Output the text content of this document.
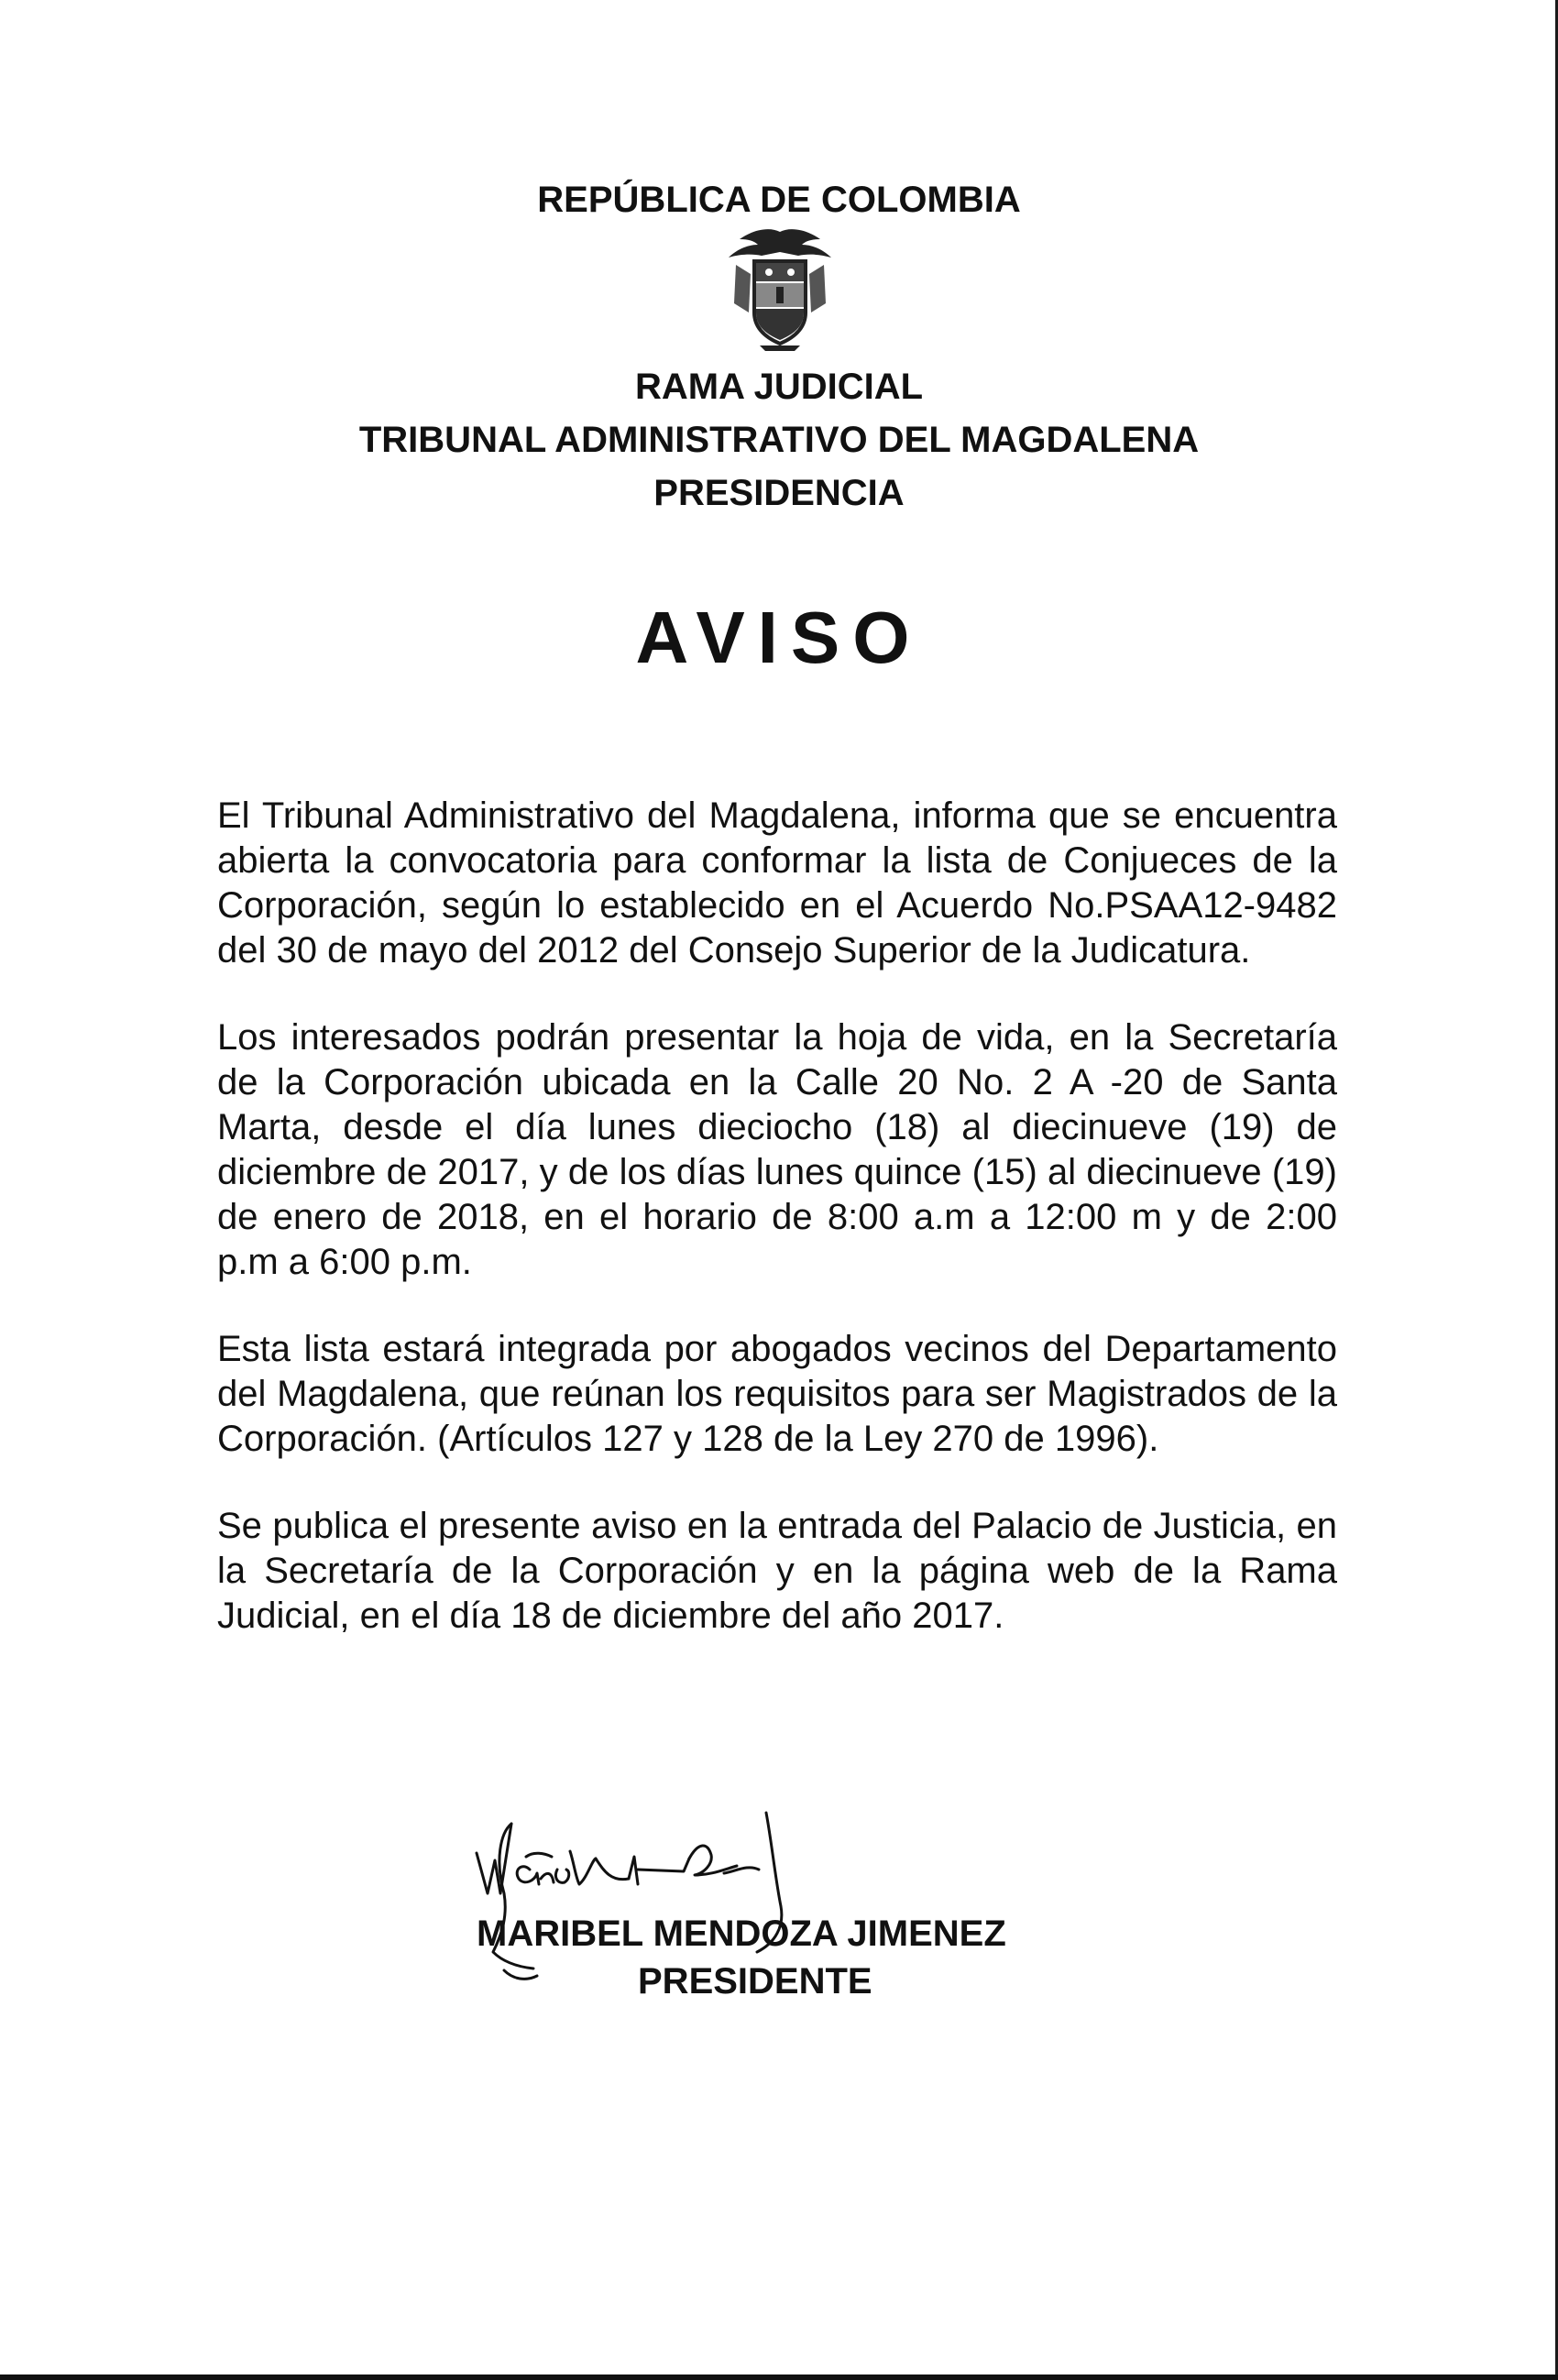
REPÚBLICA DE COLOMBIA
RAMA JUDICIAL
TRIBUNAL ADMINISTRATIVO DEL MAGDALENA
PRESIDENCIA
AVISO

El Tribunal Administrativo del Magdalena, informa que se encuentra abierta la convocatoria para conformar la lista de Conjueces de la Corporación, según lo establecido en el Acuerdo No.PSAA12-9482 del 30 de mayo del 2012 del Consejo Superior de la Judicatura.

Los interesados podrán presentar la hoja de vida, en la Secretaría de la Corporación ubicada en la Calle 20 No. 2 A -20 de Santa Marta, desde el día lunes dieciocho (18) al diecinueve (19) de diciembre de 2017, y de los días lunes quince (15) al diecinueve (19) de enero de 2018, en el horario de 8:00 a.m a 12:00 m y de 2:00 p.m a 6:00 p.m.

Esta lista estará integrada por abogados vecinos del Departamento del Magdalena, que reúnan los requisitos para ser Magistrados de la Corporación. (Artículos 127 y 128 de la Ley 270 de 1996).

Se publica el presente aviso en la entrada del Palacio de Justicia, en la Secretaría de la Corporación y en la página web de la Rama Judicial, en el día 18 de diciembre del año 2017.

MARIBEL MENDOZA JIMENEZ
PRESIDENTE
